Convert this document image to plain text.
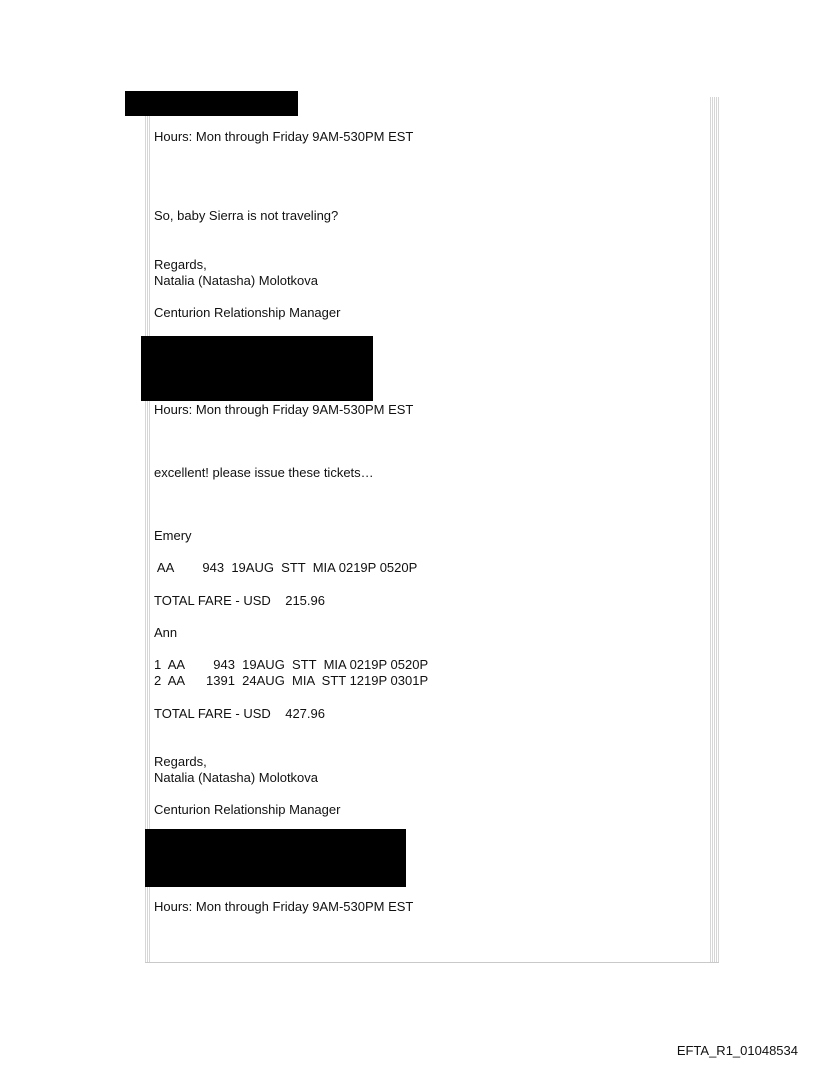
Hours: Mon through Friday 9AM-530PM EST
So, baby Sierra is not traveling?
Regards,
Natalia (Natasha) Molotkova
Centurion Relationship Manager
Hours: Mon through Friday 9AM-530PM EST
excellent! please issue these tickets…
Emery
AA        943  19AUG  STT  MIA 0219P 0520P
TOTAL FARE - USD    215.96
Ann
1  AA        943  19AUG  STT  MIA 0219P 0520P
2  AA      1391  24AUG  MIA  STT 1219P 0301P
TOTAL FARE - USD    427.96
Regards,
Natalia (Natasha) Molotkova
Centurion Relationship Manager
Hours: Mon through Friday 9AM-530PM EST
EFTA_R1_01048534
